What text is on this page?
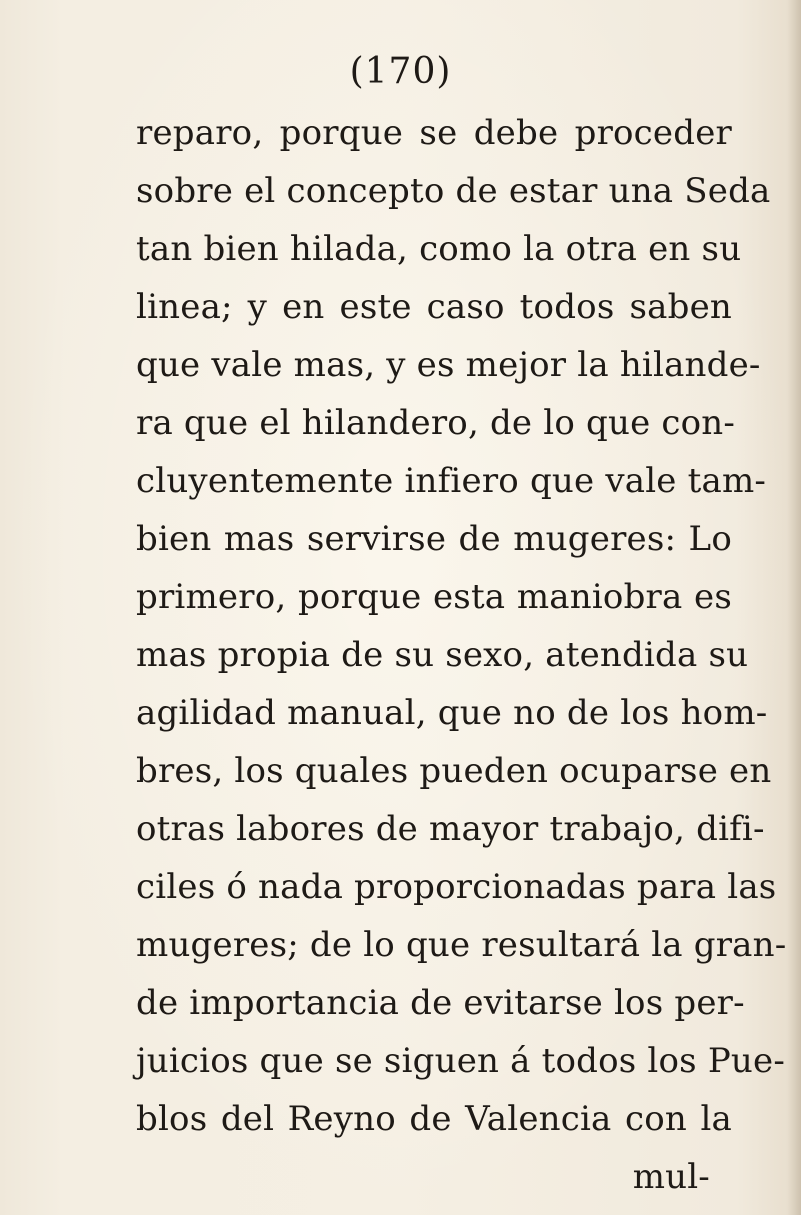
(170)
reparo, porque se debe proceder
sobre el concepto de estar una Seda
tan bien hilada, como la otra en su
linea; y en este caso todos saben
que vale mas, y es mejor la hilande-
ra que el hilandero, de lo que con-
cluyentemente infiero que vale tam-
bien mas servirse de mugeres: Lo
primero, porque esta maniobra es
mas propia de su sexo, atendida su
agilidad manual, que no de los hom-
bres, los quales pueden ocuparse en
otras labores de mayor trabajo, difi-
ciles ó nada proporcionadas para las
mugeres; de lo que resultará la gran-
de importancia de evitarse los per-
juicios que se siguen á todos los Pue-
blos del Reyno de Valencia con la
mul-
